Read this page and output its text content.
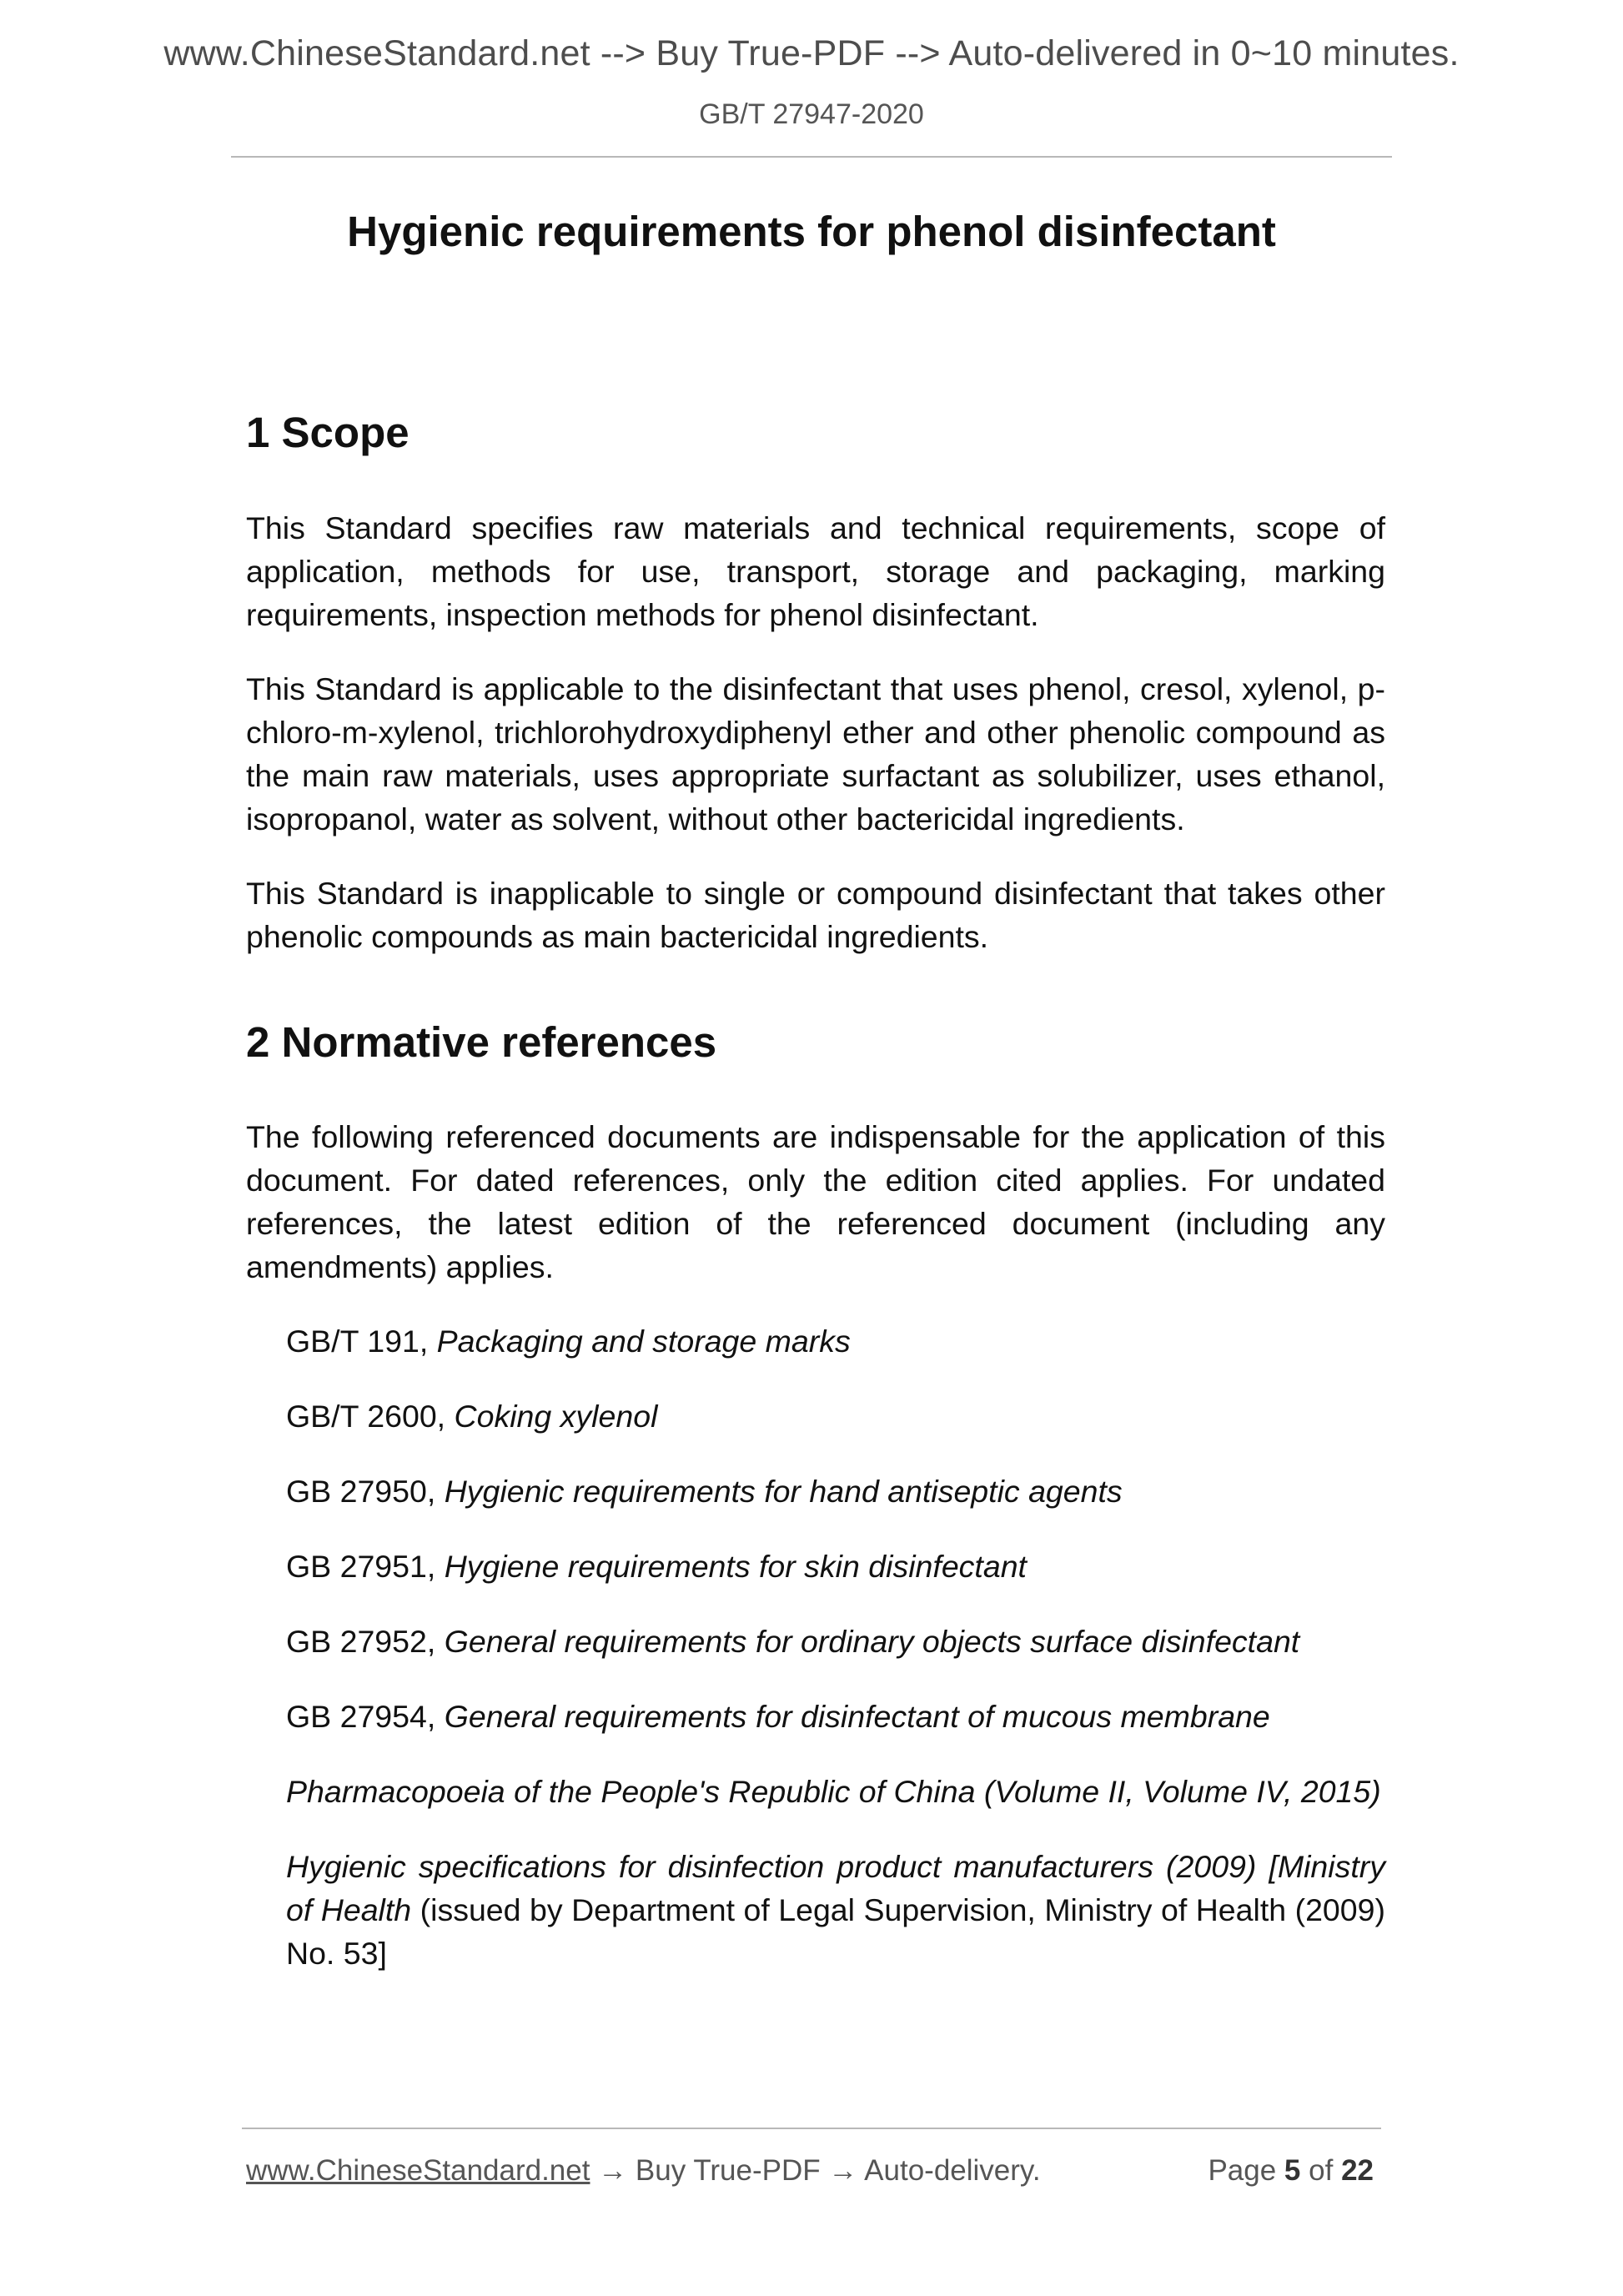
www.ChineseStandard.net --> Buy True-PDF --> Auto-delivered in 0~10 minutes.
GB/T 27947-2020
Hygienic requirements for phenol disinfectant
1 Scope

This Standard specifies raw materials and technical requirements, scope of application, methods for use, transport, storage and packaging, marking requirements, inspection methods for phenol disinfectant.

This Standard is applicable to the disinfectant that uses phenol, cresol, xylenol, p-chloro-m-xylenol, trichlorohydroxydiphenyl ether and other phenolic compound as the main raw materials, uses appropriate surfactant as solubilizer, uses ethanol, isopropanol, water as solvent, without other bactericidal ingredients.

This Standard is inapplicable to single or compound disinfectant that takes other phenolic compounds as main bactericidal ingredients.

2 Normative references

The following referenced documents are indispensable for the application of this document. For dated references, only the edition cited applies. For undated references, the latest edition of the referenced document (including any amendments) applies.

GB/T 191, Packaging and storage marks

GB/T 2600, Coking xylenol

GB 27950, Hygienic requirements for hand antiseptic agents

GB 27951, Hygiene requirements for skin disinfectant

GB 27952, General requirements for ordinary objects surface disinfectant

GB 27954, General requirements for disinfectant of mucous membrane

Pharmacopoeia of the People's Republic of China (Volume II, Volume IV, 2015)

Hygienic specifications for disinfection product manufacturers (2009) [Ministry of Health (issued by Department of Legal Supervision, Ministry of Health (2009) No. 53]

www.ChineseStandard.net → Buy True-PDF → Auto-delivery.	Page 5 of 22
